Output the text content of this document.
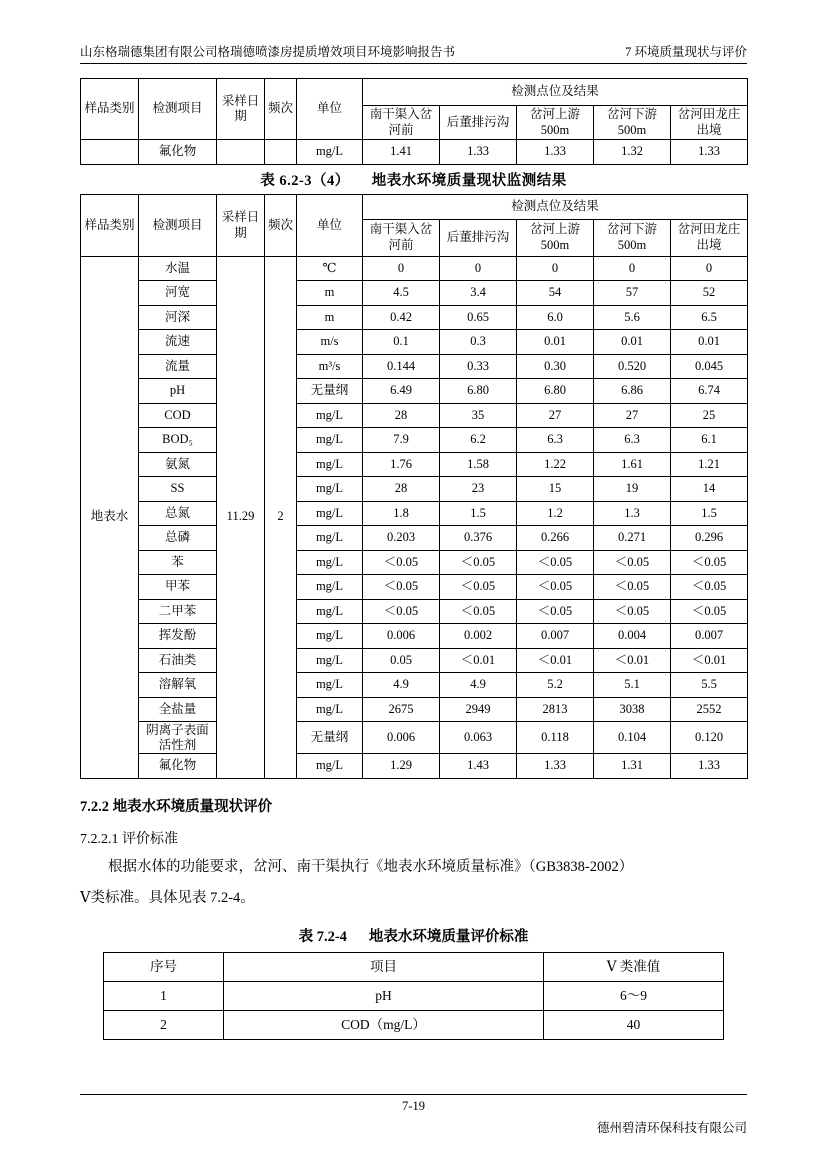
山东格瑞德集团有限公司格瑞德喷漆房提质增效项目环境影响报告书	7 环境质量现状与评价
样品类别	检测项目	采样日期	频次	单位	检测点位及结果				
					南干渠入岔河前	后董排污沟	岔河上游500m	岔河下游500m	岔河田龙庄出境
	氟化物			mg/L	1.41	1.33	1.33	1.32	1.33
表 6.2-3（4） 地表水环境质量现状监测结果
样品类别	检测项目	采样日期	频次	单位	检测点位及结果				
					南干渠入岔河前	后董排污沟	岔河上游500m	岔河下游500m	岔河田龙庄出境
地表水	水温	11.29	2	℃	0	0	0	0	0
	河宽			m	4.5	3.4	54	57	52
	河深			m	0.42	0.65	6.0	5.6	6.5
	流速			m/s	0.1	0.3	0.01	0.01	0.01
	流量			m³/s	0.144	0.33	0.30	0.520	0.045
	pH			无量纲	6.49	6.80	6.80	6.86	6.74
	COD			mg/L	28	35	27	27	25
	BOD₅			mg/L	7.9	6.2	6.3	6.3	6.1
	氨氮			mg/L	1.76	1.58	1.22	1.61	1.21
	SS			mg/L	28	23	15	19	14
	总氮			mg/L	1.8	1.5	1.2	1.3	1.5
	总磷			mg/L	0.203	0.376	0.266	0.271	0.296
	苯			mg/L	＜0.05	＜0.05	＜0.05	＜0.05	＜0.05
	甲苯			mg/L	＜0.05	＜0.05	＜0.05	＜0.05	＜0.05
	二甲苯			mg/L	＜0.05	＜0.05	＜0.05	＜0.05	＜0.05
	挥发酚			mg/L	0.006	0.002	0.007	0.004	0.007
	石油类			mg/L	0.05	＜0.01	＜0.01	＜0.01	＜0.01
	溶解氧			mg/L	4.9	4.9	5.2	5.1	5.5
	全盐量			mg/L	2675	2949	2813	3038	2552
	阴离子表面活性剂			无量纲	0.006	0.063	0.118	0.104	0.120
	氟化物			mg/L	1.29	1.43	1.33	1.31	1.33
7.2.2 地表水环境质量现状评价

7.2.2.1 评价标准

根据水体的功能要求，岔河、南干渠执行《地表水环境质量标准》（GB3838-2002）

Ⅴ类标准。具体见表 7.2-4。

表 7.2-4 地表水环境质量评价标准
序号	项目	Ⅴ 类准值
1	pH	6～9
2	COD（mg/L）	40
7-19
德州碧清环保科技有限公司
